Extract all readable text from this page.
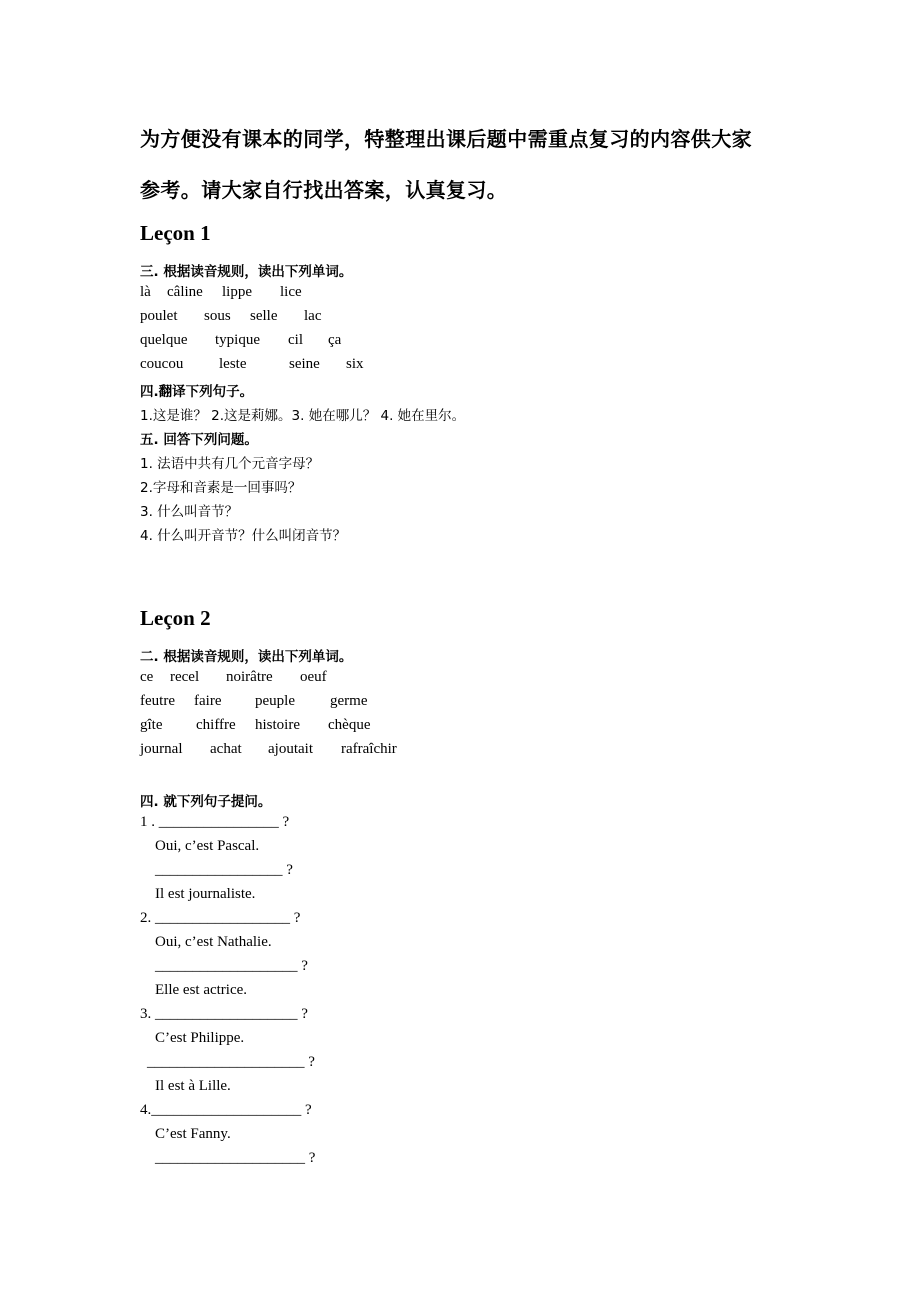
为方便没有课本的同学，特整理出课后题中需重点复习的内容供大家
参考。请大家自行找出答案，认真复习。
Leçon 1
三. 根据读音规则，读出下列单词。
là câline lippe lice
poulet sous selle lac
quelque typique cil ça
coucou leste	seine six
四.翻译下列句子。
1.这是谁？ 2.这是莉娜。3. 她在哪儿？ 4. 她在里尔。
五. 回答下列问题。
1. 法语中共有几个元音字母？
2.字母和音素是一回事吗？
3. 什么叫音节？
4. 什么叫开音节？什么叫闭音节？
Leçon 2
二. 根据读音规则，读出下列单词。
ce recel noirâtre oeuf
feutre faire peuple germe
gîte chiffre histoire chèque
journal achat ajoutait rafraîchir
四. 就下列句子提问。
1 . ________________ ?
Oui, c’est Pascal.
_________________ ?
Il est journaliste.
2. __________________ ?
Oui, c’est Nathalie.
___________________ ?
Elle est actrice.
3. ___________________ ?
C’est Philippe.
_____________________ ?
Il est à Lille.
4.____________________ ?
C’est Fanny.
____________________ ?
